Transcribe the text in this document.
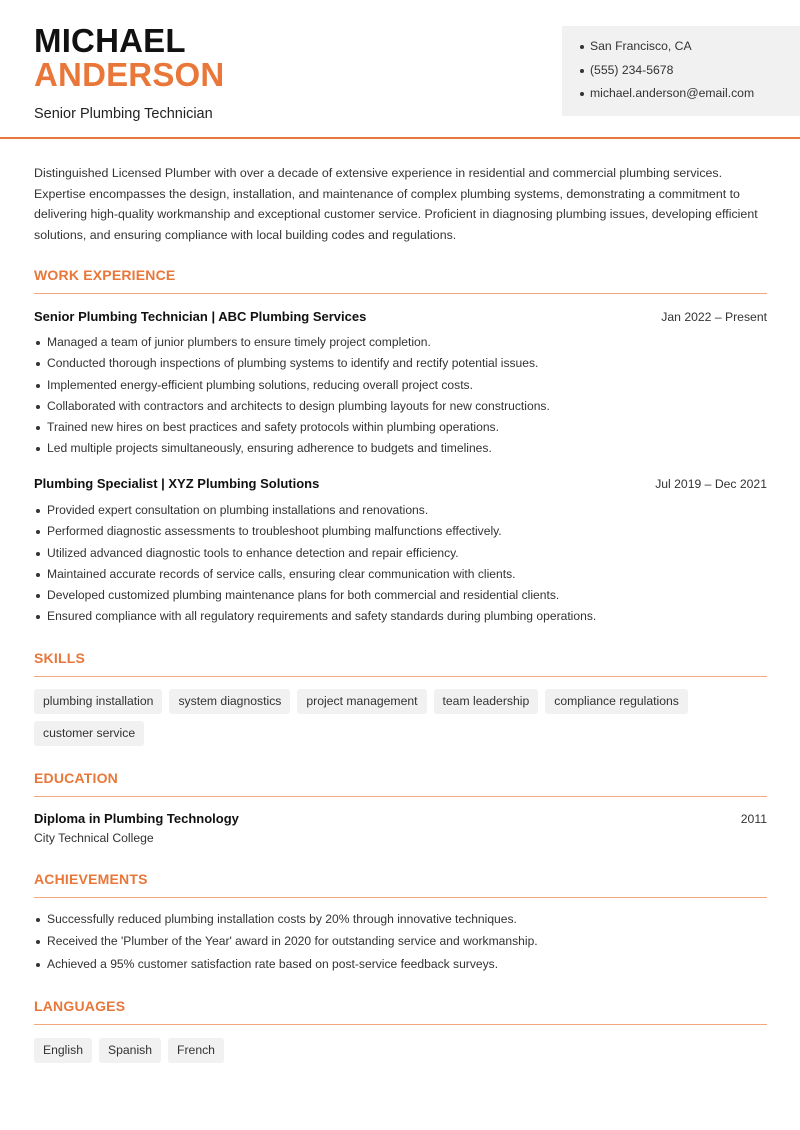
MICHAEL
ANDERSON
Senior Plumbing Technician
San Francisco, CA
(555) 234-5678
michael.anderson@email.com

Distinguished Licensed Plumber with over a decade of extensive experience in residential and commercial plumbing services. Expertise encompasses the design, installation, and maintenance of complex plumbing systems, demonstrating a commitment to delivering high-quality workmanship and exceptional customer service. Proficient in diagnosing plumbing issues, developing efficient solutions, and ensuring compliance with local building codes and regulations.

WORK EXPERIENCE
Senior Plumbing Technician | ABC Plumbing Services	Jan 2022 – Present
Managed a team of junior plumbers to ensure timely project completion.
Conducted thorough inspections of plumbing systems to identify and rectify potential issues.
Implemented energy-efficient plumbing solutions, reducing overall project costs.
Collaborated with contractors and architects to design plumbing layouts for new constructions.
Trained new hires on best practices and safety protocols within plumbing operations.
Led multiple projects simultaneously, ensuring adherence to budgets and timelines.
Plumbing Specialist | XYZ Plumbing Solutions	Jul 2019 – Dec 2021
Provided expert consultation on plumbing installations and renovations.
Performed diagnostic assessments to troubleshoot plumbing malfunctions effectively.
Utilized advanced diagnostic tools to enhance detection and repair efficiency.
Maintained accurate records of service calls, ensuring clear communication with clients.
Developed customized plumbing maintenance plans for both commercial and residential clients.
Ensured compliance with all regulatory requirements and safety standards during plumbing operations.
SKILLS
plumbing installation	system diagnostics	project management	team leadership	compliance regulations
customer service
EDUCATION
Diploma in Plumbing Technology	2011
City Technical College
ACHIEVEMENTS
Successfully reduced plumbing installation costs by 20% through innovative techniques.
Received the 'Plumber of the Year' award in 2020 for outstanding service and workmanship.
Achieved a 95% customer satisfaction rate based on post-service feedback surveys.
LANGUAGES
English	Spanish	French
